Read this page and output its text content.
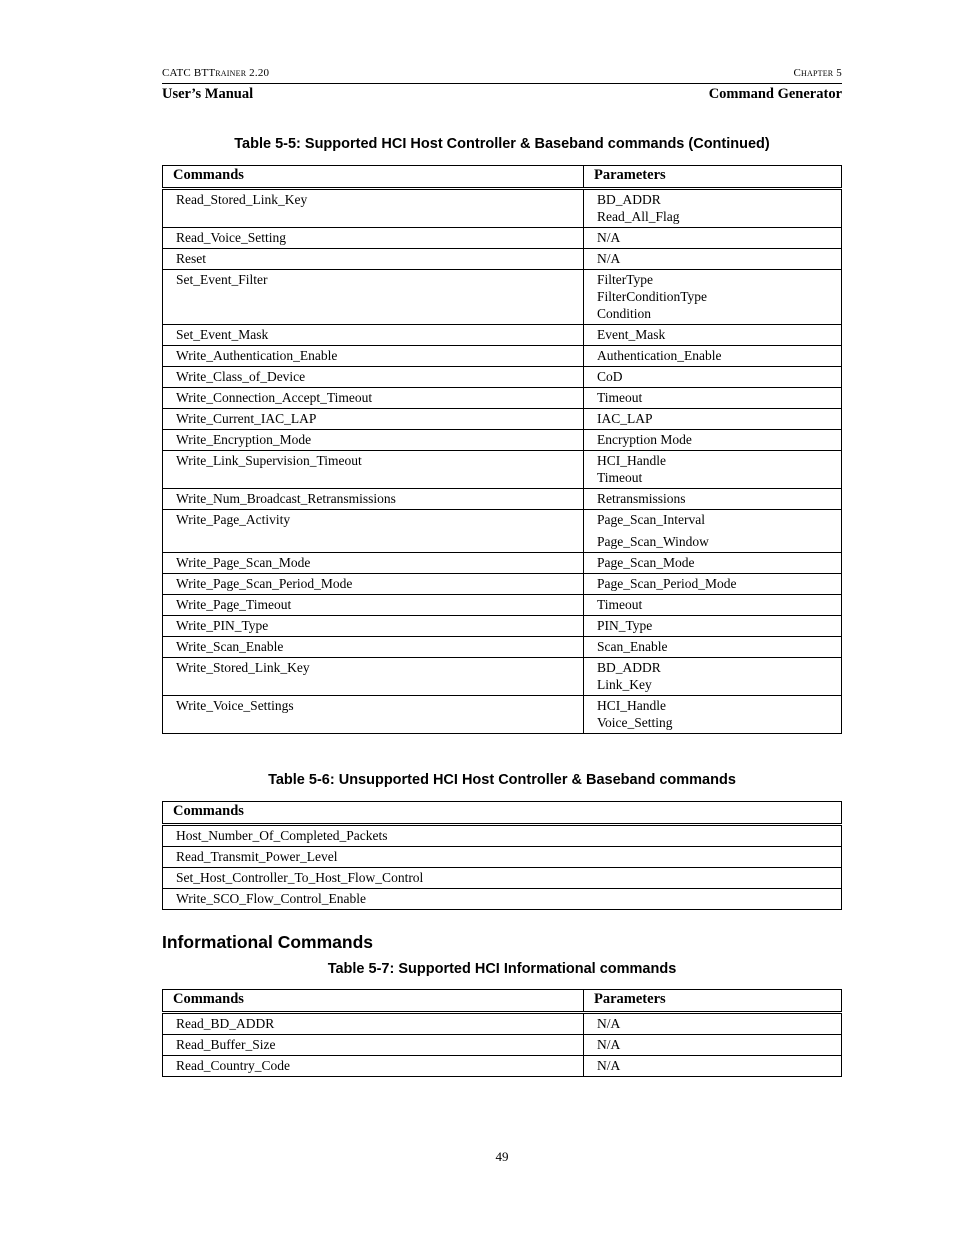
CATC BTTrainer 2.20	Chapter 5
User’s Manual	Command Generator
Table 5-5: Supported HCI Host Controller & Baseband commands (Continued)
Commands	Parameters
Read_Stored_Link_Key	BD_ADDR
Read_All_Flag

Read_Voice_Setting	N/A

Reset	N/A

Set_Event_Filter	FilterType
FilterConditionType
Condition

Set_Event_Mask	Event_Mask

Write_Authentication_Enable	Authentication_Enable

Write_Class_of_Device	CoD

Write_Connection_Accept_Timeout	Timeout

Write_Current_IAC_LAP	IAC_LAP

Write_Encryption_Mode	Encryption Mode

Write_Link_Supervision_Timeout	HCI_Handle
Timeout

Write_Num_Broadcast_Retransmissions	Retransmissions

Write_Page_Activity	Page_Scan_Interval
Page_Scan_Window

Write_Page_Scan_Mode	Page_Scan_Mode

Write_Page_Scan_Period_Mode	Page_Scan_Period_Mode

Write_Page_Timeout	Timeout

Write_PIN_Type	PIN_Type

Write_Scan_Enable	Scan_Enable

Write_Stored_Link_Key	BD_ADDR
Link_Key

Write_Voice_Settings	HCI_Handle
Voice_Setting
Table 5-6: Unsupported HCI Host Controller & Baseband commands
Commands
Host_Number_Of_Completed_Packets
Read_Transmit_Power_Level
Set_Host_Controller_To_Host_Flow_Control
Write_SCO_Flow_Control_Enable
Informational Commands
Table 5-7: Supported HCI Informational commands
Commands	Parameters
Read_BD_ADDR	N/A

Read_Buffer_Size	N/A

Read_Country_Code	N/A
49
